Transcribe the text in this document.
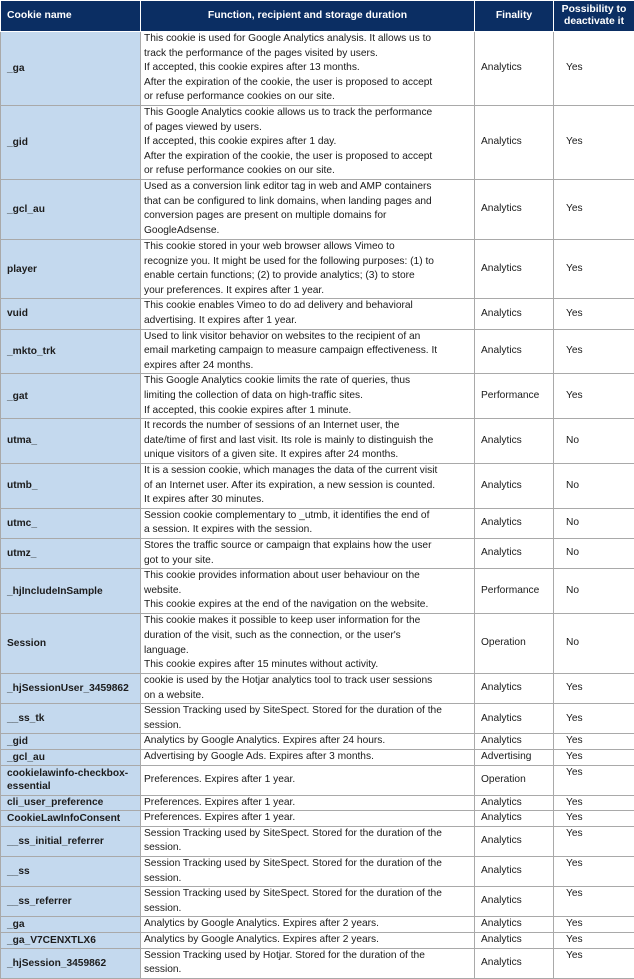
Cookie name	Function, recipient and storage duration	Finality	Possibility to deactivate it
_ga	This cookie is used for Google Analytics analysis. It allows us to
track the performance of the pages visited by users.
If accepted, this cookie expires after 13 months.
After the expiration of the cookie, the user is proposed to accept
or refuse performance cookies on our site.	Analytics	Yes
_gid	This Google Analytics cookie allows us to track the performance
of pages viewed by users.
If accepted, this cookie expires after 1 day.
After the expiration of the cookie, the user is proposed to accept
or refuse performance cookies on our site.	Analytics	Yes
_gcl_au	Used as a conversion link editor tag in web and AMP containers
that can be configured to link domains, when landing pages and
conversion pages are present on multiple domains for
GoogleAdsense.	Analytics	Yes
player	This cookie stored in your web browser allows Vimeo to
recognize you. It might be used for the following purposes: (1) to
enable certain functions; (2) to provide analytics; (3) to store
your preferences. It expires after 1 year.	Analytics	Yes
vuid	This cookie enables Vimeo to do ad delivery and behavioral
advertising. It expires after 1 year.	Analytics	Yes
_mkto_trk	Used to link visitor behavior on websites to the recipient of an
email marketing campaign to measure campaign effectiveness. It
expires after 24 months.	Analytics	Yes
_gat	This Google Analytics cookie limits the rate of queries, thus
limiting the collection of data on high-traffic sites.
If accepted, this cookie expires after 1 minute.	Performance	Yes
utma_	It records the number of sessions of an Internet user, the
date/time of first and last visit. Its role is mainly to distinguish the
unique visitors of a given site. It expires after 24 months.	Analytics	No
utmb_	It is a session cookie, which manages the data of the current visit
of an Internet user. After its expiration, a new session is counted.
It expires after 30 minutes.	Analytics	No
utmc_	Session cookie complementary to _utmb, it identifies the end of
a session. It expires with the session.	Analytics	No
utmz_	Stores the traffic source or campaign that explains how the user
got to your site.	Analytics	No
_hjIncludeInSample	This cookie provides information about user behaviour on the
website.
This cookie expires at the end of the navigation on the website.	Performance	No
Session	This cookie makes it possible to keep user information for the
duration of the visit, such as the connection, or the user's
language.
This cookie expires after 15 minutes without activity.	Operation	No
_hjSessionUser_3459862	cookie is used by the Hotjar analytics tool to track user sessions
on a website.	Analytics	Yes
__ss_tk	Session Tracking used by SiteSpect. Stored for the duration of the
session.	Analytics	Yes
_gid	Analytics by Google Analytics. Expires after 24 hours.	Analytics	Yes
_gcl_au	Advertising by Google Ads. Expires after 3 months.	Advertising	Yes
cookielawinfo-checkbox-essential	Preferences. Expires after 1 year.	Operation	Yes
cli_user_preference	Preferences. Expires after 1 year.	Analytics	Yes
CookieLawInfoConsent	Preferences. Expires after 1 year.	Analytics	Yes
__ss_initial_referrer	Session Tracking used by SiteSpect. Stored for the duration of the
session.	Analytics	Yes
__ss	Session Tracking used by SiteSpect. Stored for the duration of the
session.	Analytics	Yes
__ss_referrer	Session Tracking used by SiteSpect. Stored for the duration of the
session.	Analytics	Yes
_ga	Analytics by Google Analytics. Expires after 2 years.	Analytics	Yes
_ga_V7CENXTLX6	Analytics by Google Analytics. Expires after 2 years.	Analytics	Yes
_hjSession_3459862	Session Tracking used by Hotjar. Stored for the duration of the
session.	Analytics	Yes
